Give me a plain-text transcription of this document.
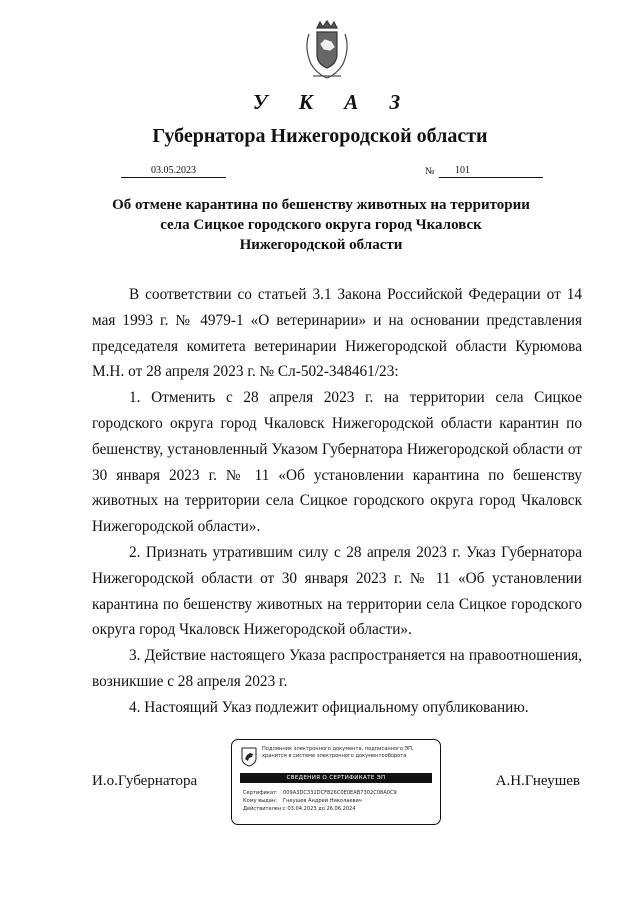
У К А З
Губернатора Нижегородской области
03.05.2023	№	101
Об отмене карантина по бешенству животных на территории
села Сицкое городского округа город Чкаловск
Нижегородской области

В соответствии со статьей 3.1 Закона Российской Федерации от 14 мая 1993 г. № 4979-1 «О ветеринарии» и на основании представления председателя комитета ветеринарии Нижегородской области Курюмова М.Н. от 28 апреля 2023 г. № Сл-502-348461/23:

1. Отменить с 28 апреля 2023 г. на территории села Сицкое городского округа город Чкаловск Нижегородской области карантин по бешенству, установленный Указом Губернатора Нижегородской области от 30 января 2023 г. № 11 «Об установлении карантина по бешенству животных на территории села Сицкое городского округа город Чкаловск Нижегородской области».

2. Признать утратившим силу с 28 апреля 2023 г. Указ Губернатора Нижегородской области от 30 января 2023 г. № 11 «Об установлении карантина по бешенству животных на территории села Сицкое городского округа город Чкаловск Нижегородской области».

3. Действие настоящего Указа распространяется на правоотношения, возникшие с 28 апреля 2023 г.

4. Настоящий Указ подлежит официальному опубликованию.

И.о.Губернатора
Подлинник электронного документа, подписанного ЭП, хранится в системе электронного документооборота
СВЕДЕНИЯ О СЕРТИФИКАТЕ ЭП
Сертификат: 009A3DC331DCF826C0E0EAB7302C08A0C9
Кому выдан: Гнеушев Андрей Николаевич
Действителен:с 03.04.2023 до 26.06.2024
А.Н.Гнеушев
